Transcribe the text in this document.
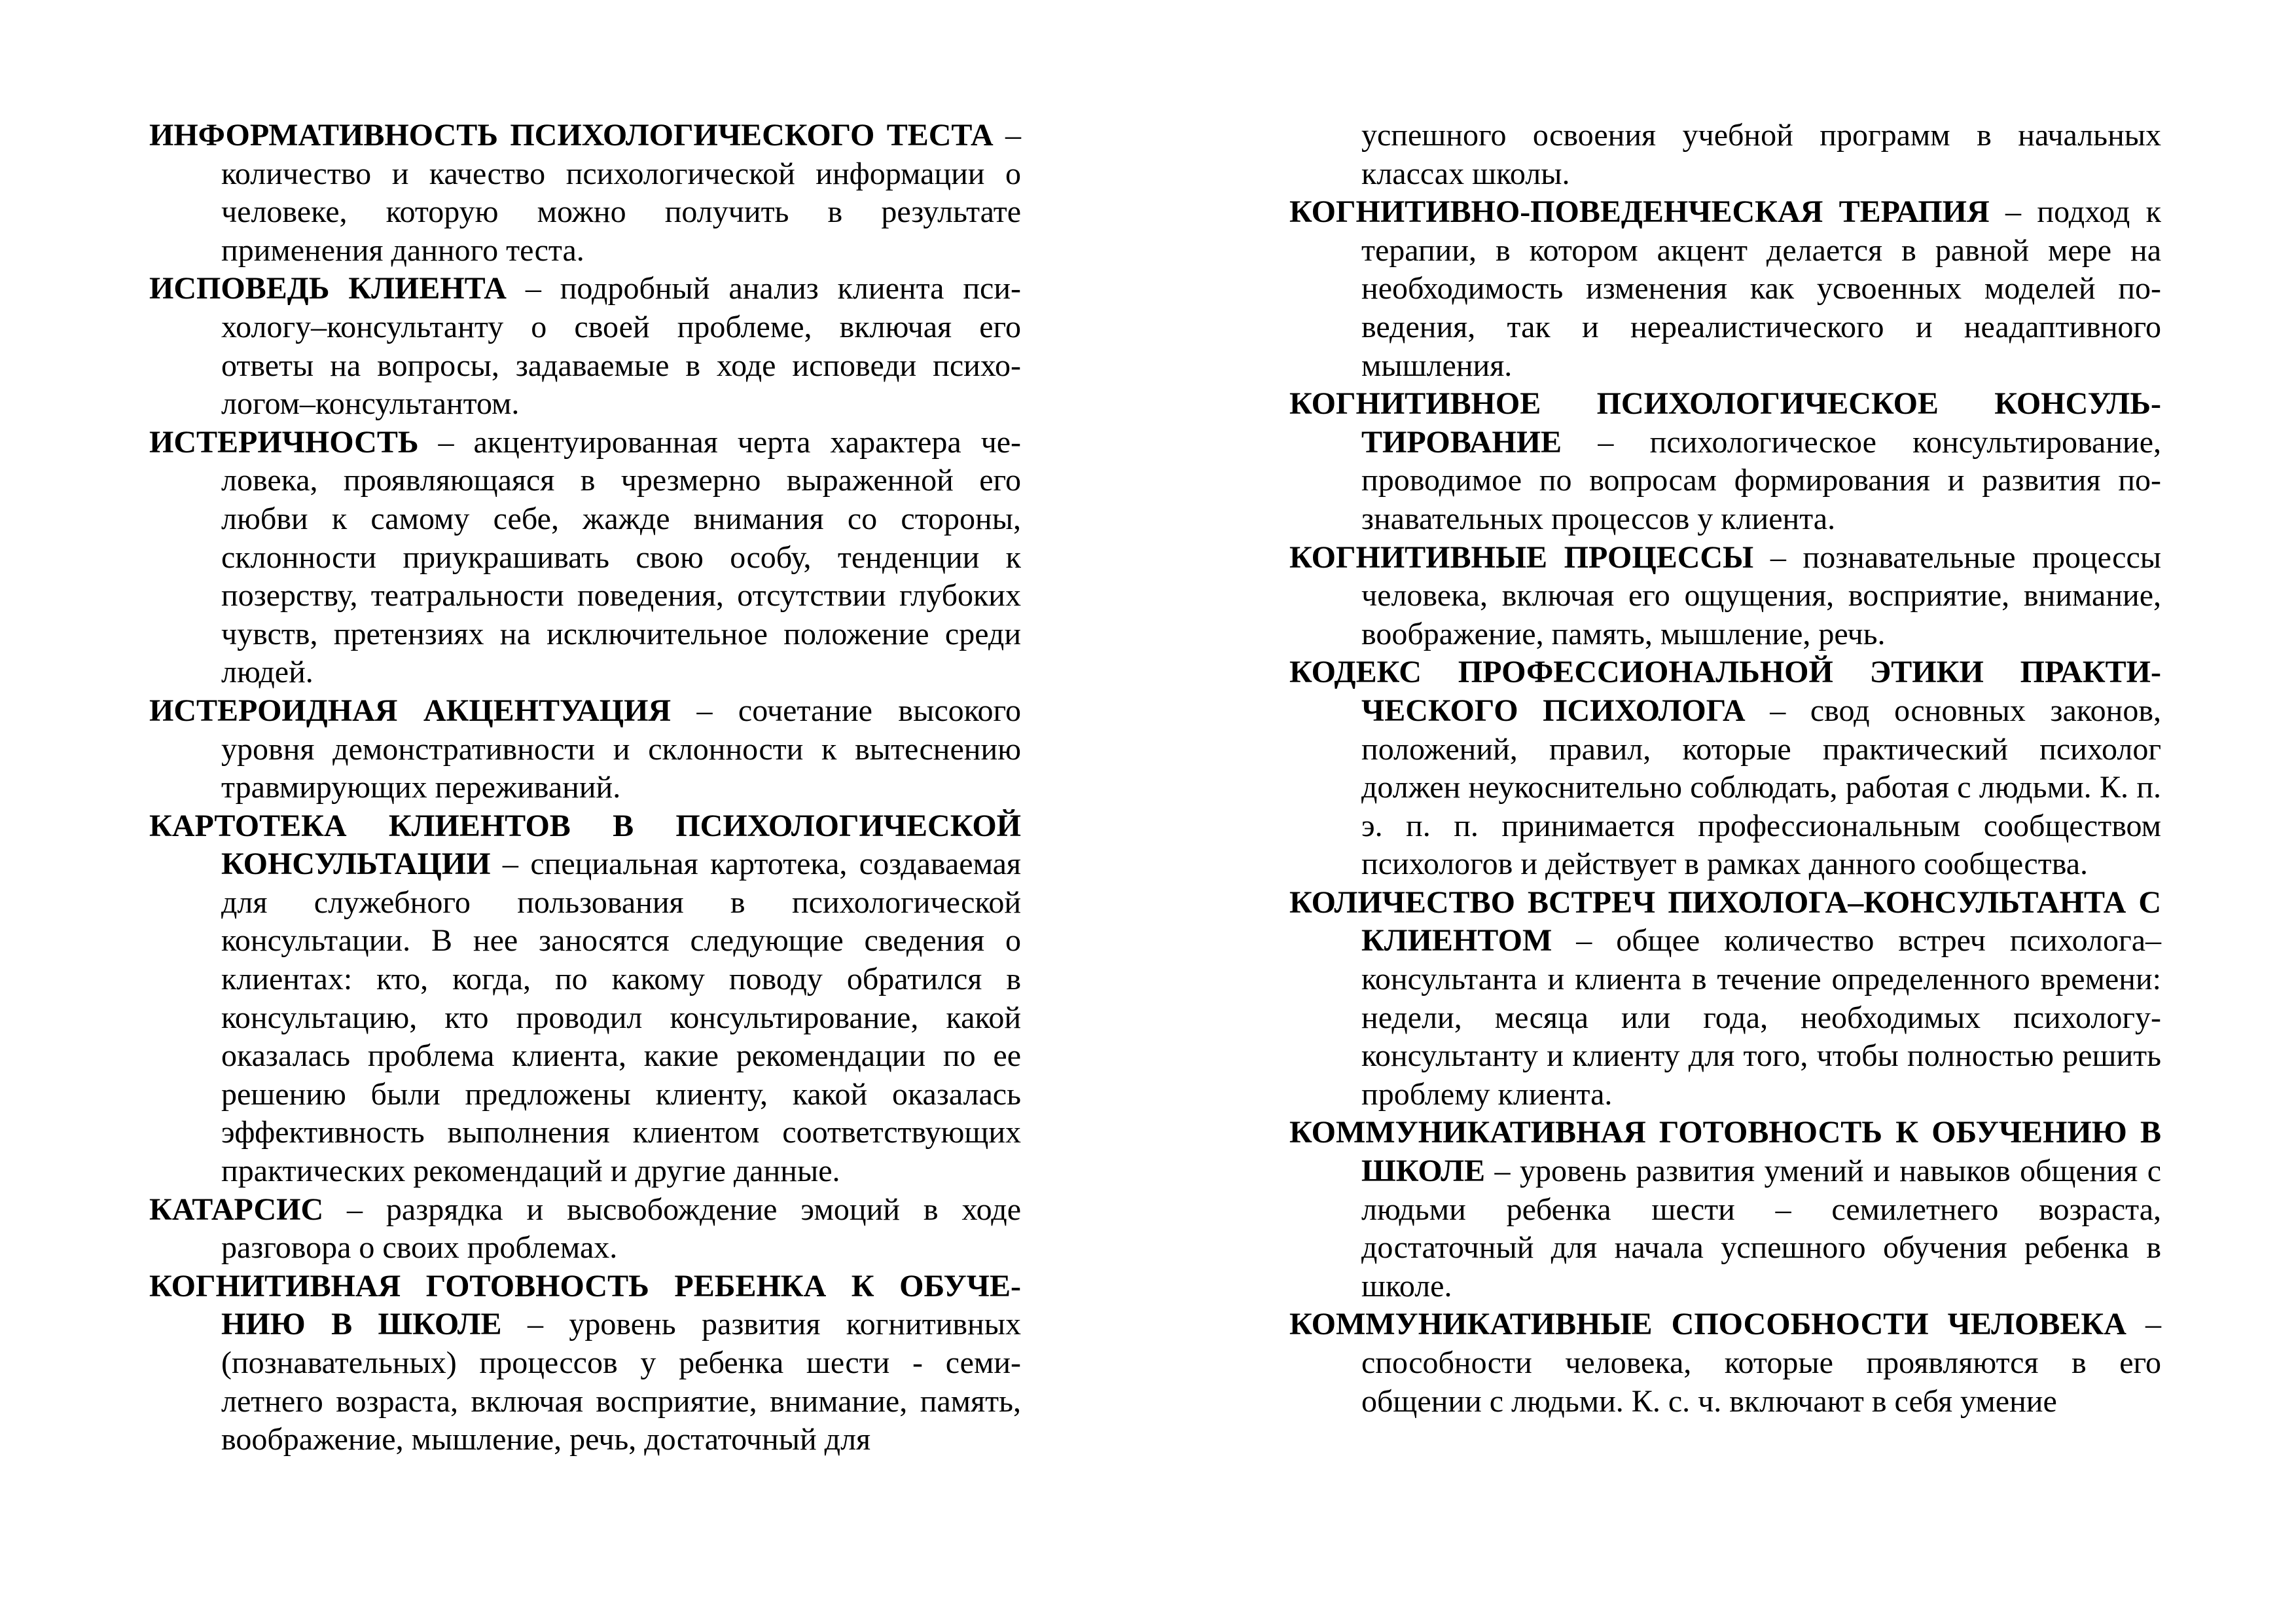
ИНФОРМАТИВНОСТЬ ПСИХОЛОГИЧЕСКОГО ТЕСТА – количество и качество психологической информации о человеке, которую можно получить в результате применения данного теста.

ИСПОВЕДЬ КЛИЕНТА – подробный анализ клиента психологу–консультанту о своей проблеме, включая его ответы на вопросы, задаваемые в ходе исповеди психологом–консультантом.

ИСТЕРИЧНОСТЬ – акцентуированная черта характера человека, проявляющаяся в чрезмерно выраженной его любви к самому себе, жажде внимания со стороны, склонности приукрашивать свою особу, тенденции к позерству, театральности поведения, отсутствии глубоких чувств, претензиях на исключительное положение среди людей.

ИСТЕРОИДНАЯ АКЦЕНТУАЦИЯ – сочетание высокого уровня демонстративности и склонности к вытеснению травмирующих переживаний.

КАРТОТЕКА КЛИЕНТОВ В ПСИХОЛОГИЧЕСКОЙ КОНСУЛЬТАЦИИ – специальная картотека, создаваемая для служебного пользования в психологической консультации. В нее заносятся следующие сведения о клиентах: кто, когда, по какому поводу обратился в консультацию, кто проводил консультирование, какой оказалась проблема клиента, какие рекомендации по ее решению были предложены клиенту, какой оказалась эффективность выполнения клиентом соответствующих практических рекомендаций и другие данные.

КАТАРСИС – разрядка и высвобождение эмоций в ходе разговора о своих проблемах.

КОГНИТИВНАЯ ГОТОВНОСТЬ РЕБЕНКА К ОБУЧЕНИЮ В ШКОЛЕ – уровень развития когнитивных (познавательных) процессов у ребенка шести - семилетнего возраста, включая восприятие, внимание, память, воображение, мышление, речь, достаточный для

успешного освоения учебной программ в начальных классах школы.

КОГНИТИВНО-ПОВЕДЕНЧЕСКАЯ ТЕРАПИЯ – подход к терапии, в котором акцент делается в равной мере на необходимость изменения как усвоенных моделей поведения, так и нереалистического и неадаптивного мышления.

КОГНИТИВНОЕ ПСИХОЛОГИЧЕСКОЕ КОНСУЛЬТИРОВАНИЕ – психологическое консультирование, проводимое по вопросам формирования и развития познавательных процессов у клиента.

КОГНИТИВНЫЕ ПРОЦЕССЫ – познавательные процессы человека, включая его ощущения, восприятие, внимание, воображение, память, мышление, речь.

КОДЕКС ПРОФЕССИОНАЛЬНОЙ ЭТИКИ ПРАКТИЧЕСКОГО ПСИХОЛОГА – свод основных законов, положений, правил, которые практический психолог должен неукоснительно соблюдать, работая с людьми. К. п. э. п. п. принимается профессиональным сообществом психологов и действует в рамках данного сообщества.

КОЛИЧЕСТВО ВСТРЕЧ ПИХОЛОГА–КОНСУЛЬТАНТА С КЛИЕНТОМ – общее количество встреч психолога–консультанта и клиента в течение определенного времени: недели, месяца или года, необходимых психологу-консультанту и клиенту для того, чтобы полностью решить проблему клиента.

КОММУНИКАТИВНАЯ ГОТОВНОСТЬ К ОБУЧЕНИЮ В ШКОЛЕ – уровень развития умений и навыков общения с людьми ребенка шести – семилетнего возраста, достаточный для начала успешного обучения ребенка в школе.

КОММУНИКАТИВНЫЕ СПОСОБНОСТИ ЧЕЛОВЕКА – способности человека, которые проявляются в его общении с людьми. К. с. ч. включают в себя умение
